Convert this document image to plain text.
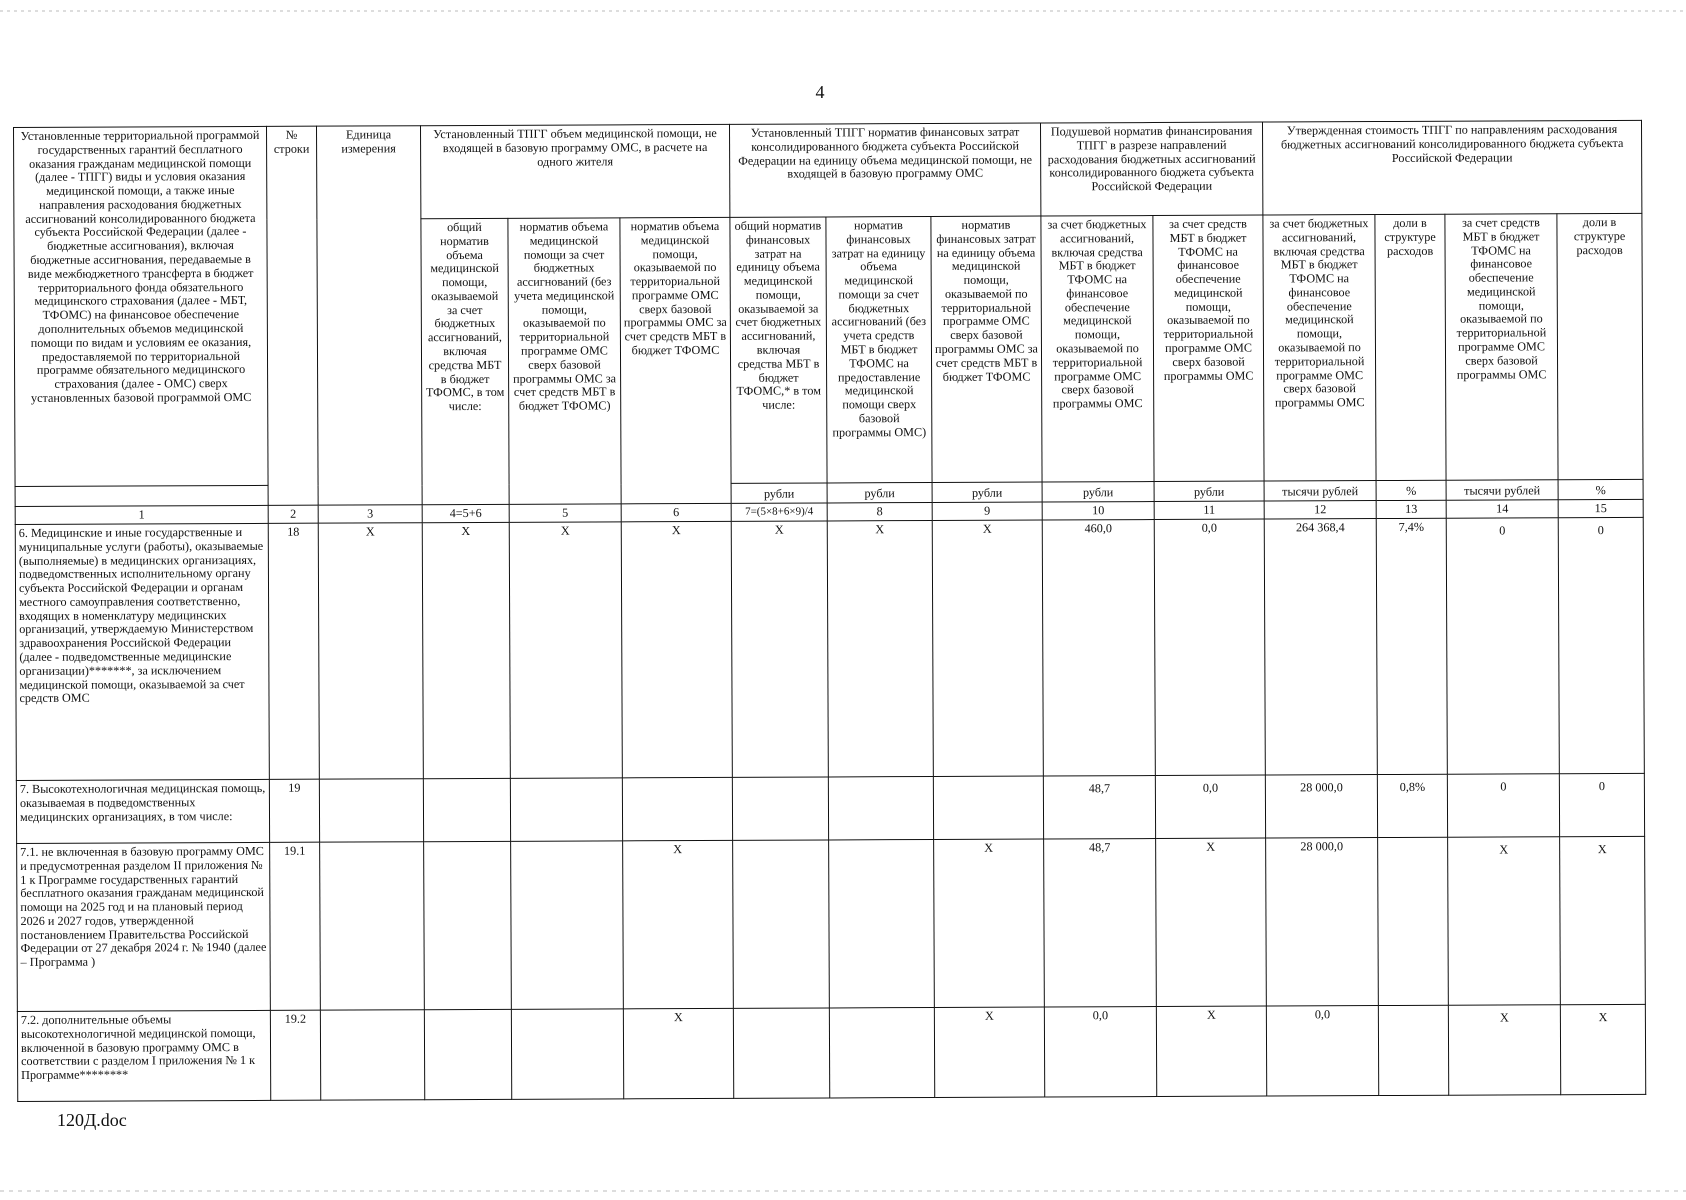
4
Установленные территориальной программой государственных гарантий бесплатного оказания гражданам медицинской помощи (далее - ТПГГ) виды и условия оказания медицинской помощи, а также иные направления расходования бюджетных ассигнований консолидированного бюджета субъекта Российской Федерации (далее - бюджетные ассигнования), включая бюджетные ассигнования, передаваемые в виде межбюджетного трансферта в бюджет территориального фонда обязательного медицинского страхования (далее - МБТ, ТФОМС) на финансовое обеспечение дополнительных объемов медицинской помощи по видам и условиям ее оказания, предоставляемой по территориальной программе обязательного медицинского страхования (далее - ОМС) сверх установленных базовой программой ОМС	№ строки	Единица измерения	Установленный ТПГГ объем медицинской помощи, не входящей в базовую программу ОМС, в расчете на одного жителя			Установленный ТПГГ норматив финансовых затрат консолидированного бюджета субъекта Российской Федерации на единицу объема медицинской помощи, не входящей в базовую программу ОМС			Подушевой норматив финансирования ТПГГ в разрезе направлений расходования бюджетных ассигнований консолидированного бюджета субъекта Российской Федерации		Утвержденная стоимость ТПГГ по направлениям расходования бюджетных ассигнований консолидированного бюджета субъекта Российской Федерации			
			общий норматив объема медицинской помощи, оказываемой за счет бюджетных ассигнований, включая средства МБТ в бюджет ТФОМС, в том числе:	норматив объема медицинской помощи за счет бюджетных ассигнований (без учета медицинской помощи, оказываемой по территориальной программе ОМС сверх базовой программы ОМС за счет средств МБТ в бюджет ТФОМС)	норматив объема медицинской помощи, оказываемой по территориальной программе ОМС сверх базовой программы ОМС за счет средств МБТ в бюджет ТФОМС	общий норматив финансовых затрат на единицу объема медицинской помощи, оказываемой за счет бюджетных ассигнований, включая средства МБТ в бюджет ТФОМС,* в том числе:	норматив финансовых затрат на единицу объема медицинской помощи за счет бюджетных ассигнований (без учета средств МБТ в бюджет ТФОМС на предоставление медицинской помощи сверх базовой программы ОМС)	норматив финансовых затрат на единицу объема медицинской помощи, оказываемой по территориальной программе ОМС сверх базовой программы ОМС за счет средств МБТ в бюджет ТФОМС	за счет бюджетных ассигнований, включая средства МБТ в бюджет ТФОМС на финансовое обеспечение медицинской помощи, оказываемой по территориальной программе ОМС сверх базовой программы ОМС	за счет средств МБТ в бюджет ТФОМС на финансовое обеспечение медицинской помощи, оказываемой по территориальной программе ОМС сверх базовой программы ОМС	за счет бюджетных ассигнований, включая средства МБТ в бюджет ТФОМС на финансовое обеспечение медицинской помощи, оказываемой по территориальной программе ОМС сверх базовой программы ОМС	доли в структуре расходов	за счет средств МБТ в бюджет ТФОМС на финансовое обеспечение медицинской помощи, оказываемой по территориальной программе ОМС сверх базовой программы ОМС	доли в структуре расходов
						рубли	рубли	рубли	рубли	рубли	тысячи рублей	%	тысячи рублей	%
1	2	3	4=5+6	5	6	7=(5×8+6×9)/4	8	9	10	11	12	13	14	15
6. Медицинские и иные государственные и муниципальные услуги (работы), оказываемые (выполняемые) в медицинских организациях, подведомственных исполнительному органу субъекта Российской Федерации и органам местного самоуправления соответственно, входящих в номенклатуру медицинских организаций, утверждаемую Министерством здравоохранения Российской Федерации (далее - подведомственные медицинские организации)*******, за исключением медицинской помощи, оказываемой за счет средств ОМС	18	X	X	X	X	X	X	X	460,0	0,0	264 368,4	7,4%	0	0
7. Высокотехнологичная медицинская помощь, оказываемая в подведомственных медицинских организациях, в том числе:	19								48,7	0,0	28 000,0	0,8%	0	0
7.1. не включенная в базовую программу ОМС и предусмотренная разделом II приложения № 1 к Программе государственных гарантий бесплатного оказания гражданам медицинской помощи на 2025 год и на плановый период 2026 и 2027 годов, утвержденной постановлением Правительства Российской Федерации от 27 декабря 2024 г. № 1940 (далее – Программа )	19.1				X			X	48,7	X	28 000,0		X	X
7.2. дополнительные объемы высокотехнологичной медицинской помощи, включенной в базовую программу ОМС в соответствии с разделом I приложения № 1 к Программе********	19.2				X			X	0,0	X	0,0		X	X
120Д.doc
